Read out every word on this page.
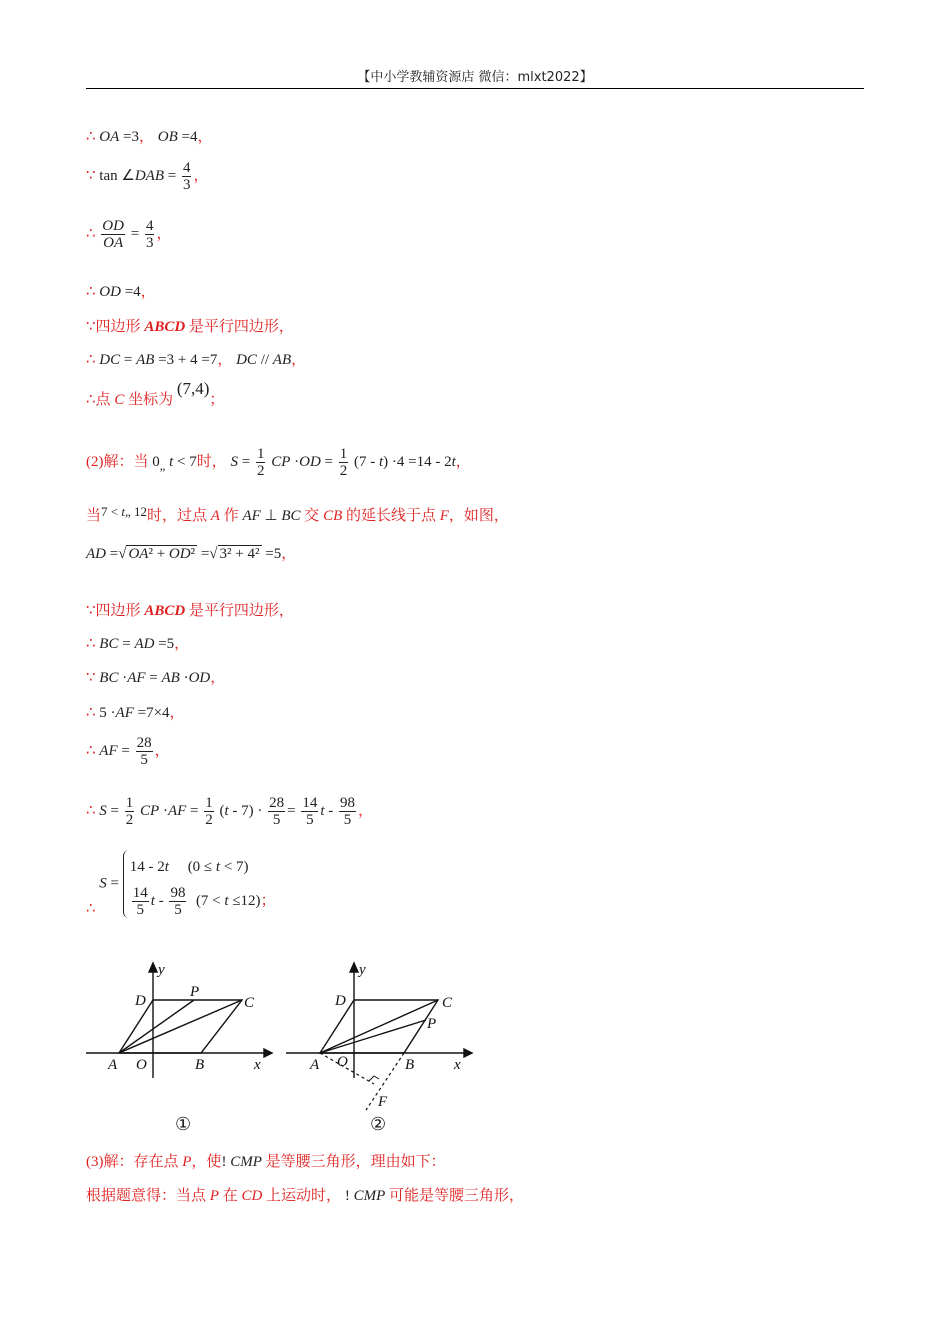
【中小学教辅资源店 微信：mlxt2022】
∴ OA =3， OB =4，
∵ tan ∠DAB = $\frac{4}{3}$ ，
∴ $\frac{OD}{OA} = \frac{4}{3}$ ，
∴ OD =4，
∵四边形 ABCD 是平行四边形，
∴ DC = AB =3 + 4 =7， DC // AB，
∴点 C 坐标为 (7,4)；
(2)解：当 $0_„$ t < 7时， $S = \frac{1}{2}$ CP $\cdot OD = \frac{1}{2} (7 - t) \cdot 4 =14 - 2t$，
当7 < t„ 12时，过点 A 作 AF ⊥ BC 交 CB 的延长线于点 F，如图，
AD =√ OA² + OD² =√ 3² + 4² =5，
∵四边形 ABCD 是平行四边形，
∴ BC = AD =5，
∵ BC ·AF = AB ·OD，
∴ 5 ·AF =7×4，
∴ AF = $\frac{28}{5}$ ，
∴ $S = \frac{1}{2}$ CP $\cdot AF = \frac{1}{2} (t - 7) \cdot \frac{28}{5} = \frac{14}{5}$ t - $\frac{98}{5}$ ，
∴ S =
14 - 2t     (0 ≤ t < 7)
$\frac{14}{5}$ $t - \frac{98}{5} (7 < t \le 12)$；
y
x
A O	B
C
D
P
①
y
x
A O	B
C
D
P
F
②
(3)解：存在点 P，使! CMP 是等腰三角形，理由如下：
根据题意得：当点 P 在 CD 上运动时， ! CMP 可能是等腰三角形，
